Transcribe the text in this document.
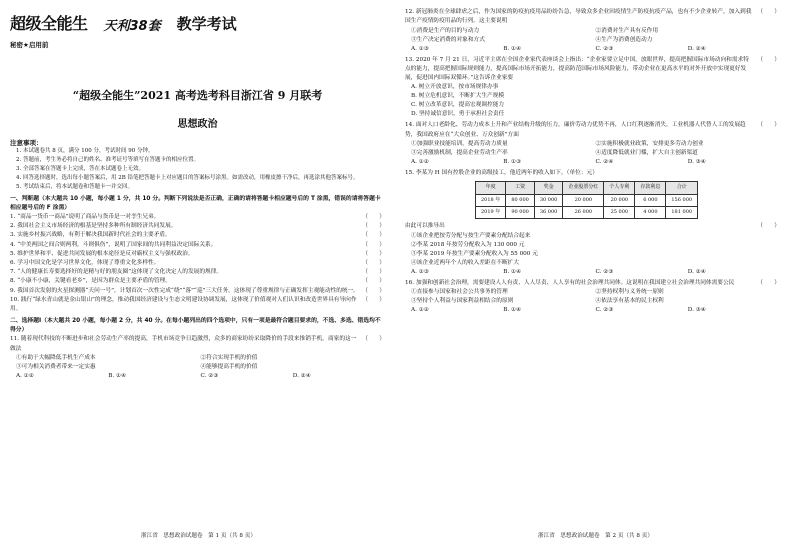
超级全能生 天利38套 教学考试
秘密★启用前
“超级全能生”2021 高考选考科目浙江省 9 月联考
思想政治
注意事项：
1. 本试题卷共 8 页，满分 100 分，考试时间 90 分钟。
2. 答题前，考生务必将自己的姓名、准考证号等填写在答题卡的相应位置。
3. 全部答案在答题卡上完成，答在本试题卷上无效。
4. 回答选择题时，选出每小题答案后，用 2B 铅笔把答题卡上对应题目的答案标号涂黑。如需改动，用橡皮擦干净后，再选涂其他答案标号。
5. 考试结束后，将本试题卷和答题卡一并交回。
一、判断题（本大题共 10 小题，每小题 1 分，共 10 分。判断下列说法是否正确，正确的请将答题卡相应题号后的 T 涂黑，错误的请将答题卡相应题号后的 F 涂黑）
1. “商品一货币一商品”说明了商品与货币是一对孪生兄弟。	（　　）
2. 我国社会主义市场经济的根基是坚持多种所有制经济共同发展。	（　　）
3. 实施乡村振兴战略，有利于解决我国新时代社会的主要矛盾。	（　　）
4. “中美两国之间合则两利，斗则俱伤”，说明了国家间的共同利益决定国际关系。	（　　）
5. 维护世界和平、促进共同发展的根本途径是反对霸权主义与强权政治。	（　　）
6. 学习中国文化是学习世界文化，体现了尊重文化多样性。	（　　）
7. “人的健康长寿要选择好的是精与好的朋友圈”这体现了文化决定人的发展的规律。	（　　）
8. “小康不小康，关键看老乡”，是因为群众是主要矛盾的管理。	（　　）
9. 我国首次发射的火星探测器“天问一号”，计划首次一次性完成“绕”“落”“巡”三大任务。这体现了尊重规律与正确发挥主观能动性的统一。 （　　）
10. 践行“绿水青山就是金山银山”的理念，推动我国经济建设与生态文明建设协调发展，这体现了价值观对人们认识和改造世界具有导向作用。
（　　）
二、选择题Ⅰ（本大题共 20 小题，每小题 2 分，共 40 分。在每小题列出的四个选项中，只有一项是最符合题目要求的，不选、多选、错选均不得分）
11. 随着现代科技的不断进步和社会劳动生产率的提高，手机市场竞争日趋激烈，众多的商家纷纷采取降价的手段来推销手机。商家的这一做法
（　　）
①有助于大幅降低手机生产成本	②符合实现手机的价值
③可为相关消费者带来一定实惠	④能够提高手机的价值
A. ①②	B. ①④	C. ②③	D. ②④
浙江省　思想政治试题卷　第 1 页（共 8 页）
12. 新冠肺炎在全球肆虐之后，作为国家的防疫抗疫用品纷纷告急，导致众多企业因疫情生产防疫抗疫产品，也有不少企业转产，加入到我国生产疫情防疫用品的行列。这主要说明
（　　）
①消费是生产的目的与动力	②消费对生产具有反作用
③生产决定消费的对象和方式	④生产为消费创造动力
A. ①③	B. ①④	C. ②③	D. ②④
13. 2020 年 7 月 21 日，习近平主席在全国企业家代表座谈会上指出：“企业家要立足中国，放眼世界，提高把握国际市场动向和需求特点的能力，提高把握国际规则能力，提高国际市场开拓能力，提高防范国际市场风险能力，带动企业在更高水平的对外开放中实现更好发展，促进国内国际双循环。”这告诉企业家要
（　　）
A. 树立开放意识，按市场规律办事
B. 树立危机意识，不断扩大生产规模
C. 树立改革意识，提高宏观调控能力
D. 坚持诚信意识，勇于承担社会责任
14. 面对人口老龄化、劳动力成本上升和产业结构升级的压力，廉价劳动力优势不再，人口红利逐渐消失。工业机器人代替人工的发展趋势，我国政府应在“大众创业、万众创新”方面
（　　）
①加强职业技能培训，提高劳动力质量	②实施积极就业政策，安排更多劳动力创业
③完善激励机制，提高企业劳动生产率	④适度降低就业门槛，扩大自主创新渠道
A. ①②	B. ①③	C. ②④	D. ③④
15. 李某为 H 国有控股企业的高级技工，他近两年的收入如下。（单位：元）
年度	工资	奖金	企业股票分红	个人专利	存款利息	合计
2018 年	80 000	30 000	20 000	20 000	6 000	156 000
2019 年	90 000	36 000	26 000	25 000	4 000	181 000
由此可以推导出	（　　）
①该企业把按劳分配与按生产要素分配结合起来
②李某 2018 年按劳分配收入为 130 000 元
③李某 2019 年按生产要素分配收入为 55 000 元
④该企业近两年个人的收入差距在不断扩大
A. ①③	B. ①④	C. ②③	D. ②④
16. 加强和创新社会治理，需要建设人人有责、人人尽责、人人享有的社会治理共同体。这说明在我国建立社会治理共同体需要公民	（　　）
①直接参与国家和社会公共事务的管理	②坚持权利与义务统一原则
③坚持个人利益与国家利益相结合的原则	④依法享有基本的民主权利
A. ①②	B. ①④	C. ②③	D. ③④
浙江省　思想政治试题卷　第 2 页（共 8 页）
